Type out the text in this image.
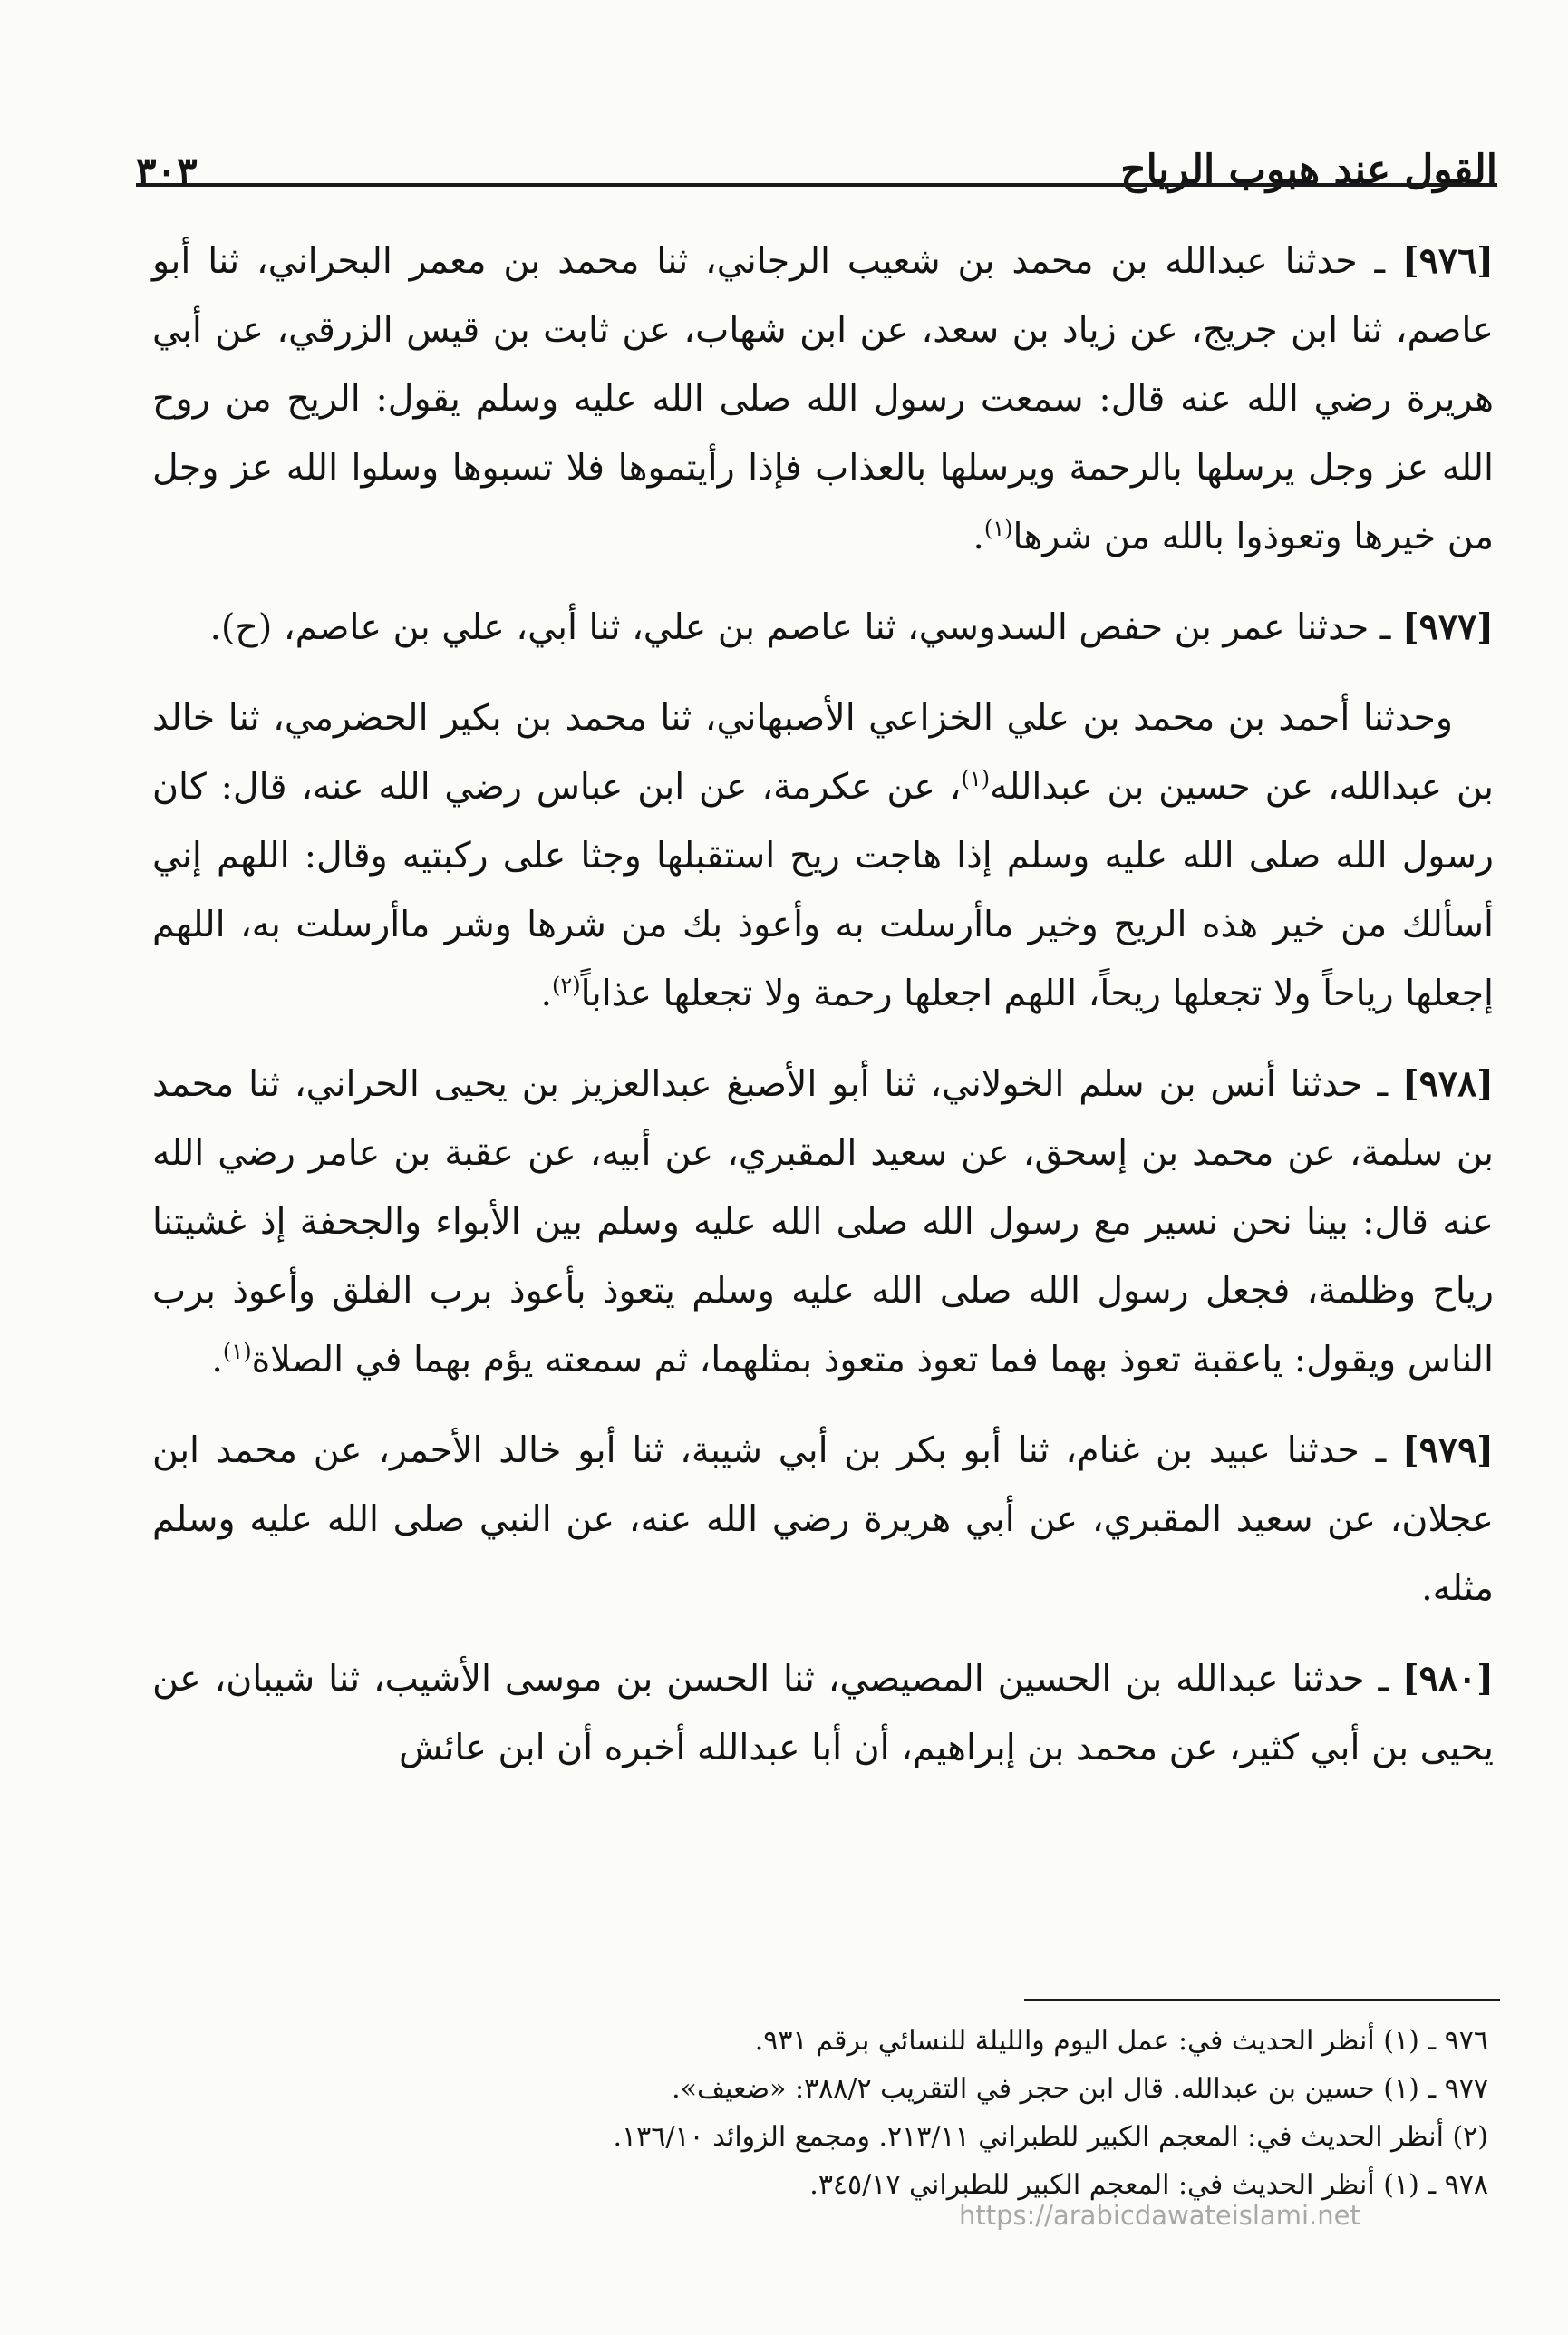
القول عند هبوب الرياح
٣٠٣

[٩٧٦] ـ حدثنا عبدالله بن محمد بن شعيب الرجاني، ثنا محمد بن معمر البحراني، ثنا أبو عاصم، ثنا ابن جريج، عن زياد بن سعد، عن ابن شهاب، عن ثابت بن قيس الزرقي، عن أبي هريرة رضي الله عنه قال: سمعت رسول الله صلى الله عليه وسلم يقول: الريح من روح الله عز وجل يرسلها بالرحمة ويرسلها بالعذاب فإذا رأيتموها فلا تسبوها وسلوا الله عز وجل من خيرها وتعوذوا بالله من شرها$^{(١)}$.

[٩٧٧] ـ حدثنا عمر بن حفص السدوسي، ثنا عاصم بن علي، ثنا أبي، علي بن عاصم، (ح).

وحدثنا أحمد بن محمد بن علي الخزاعي الأصبهاني، ثنا محمد بن بكير الحضرمي، ثنا خالد بن عبدالله، عن حسين بن عبدالله$^{(١)}$، عن عكرمة، عن ابن عباس رضي الله عنه، قال: كان رسول الله صلى الله عليه وسلم إذا هاجت ريح استقبلها وجثا على ركبتيه وقال: اللهم إني أسألك من خير هذه الريح وخير ماأرسلت به وأعوذ بك من شرها وشر ماأرسلت به، اللهم إجعلها رياحاً ولا تجعلها ريحاً، اللهم اجعلها رحمة ولا تجعلها عذاباً$^{(٢)}$.

[٩٧٨] ـ حدثنا أنس بن سلم الخولاني، ثنا أبو الأصبغ عبدالعزيز بن يحيى الحراني، ثنا محمد بن سلمة، عن محمد بن إسحق، عن سعيد المقبري، عن أبيه، عن عقبة بن عامر رضي الله عنه قال: بينا نحن نسير مع رسول الله صلى الله عليه وسلم بين الأبواء والجحفة إذ غشيتنا رياح وظلمة، فجعل رسول الله صلى الله عليه وسلم يتعوذ بأعوذ برب الفلق وأعوذ برب الناس ويقول: ياعقبة تعوذ بهما فما تعوذ متعوذ بمثلهما، ثم سمعته يؤم بهما في الصلاة$^{(١)}$.

[٩٧٩] ـ حدثنا عبيد بن غنام، ثنا أبو بكر بن أبي شيبة، ثنا أبو خالد الأحمر، عن محمد ابن عجلان، عن سعيد المقبري، عن أبي هريرة رضي الله عنه، عن النبي صلى الله عليه وسلم مثله.

[٩٨٠] ـ حدثنا عبدالله بن الحسين المصيصي، ثنا الحسن بن موسى الأشيب، ثنا شيبان، عن يحيى بن أبي كثير، عن محمد بن إبراهيم، أن أبا عبدالله أخبره أن ابن عائش

٩٧٦ ـ (١) أنظر الحديث في: عمل اليوم والليلة للنسائي برقم ٩٣١.

٩٧٧ ـ (١) حسين بن عبدالله. قال ابن حجر في التقريب ٣٨٨/٢: «ضعيف».

(٢) أنظر الحديث في: المعجم الكبير للطبراني ٢١٣/١١. ومجمع الزوائد ١٣٦/١٠.

٩٧٨ ـ (١) أنظر الحديث في: المعجم الكبير للطبراني ٣٤٥/١٧.

https://arabicdawateislami.net
